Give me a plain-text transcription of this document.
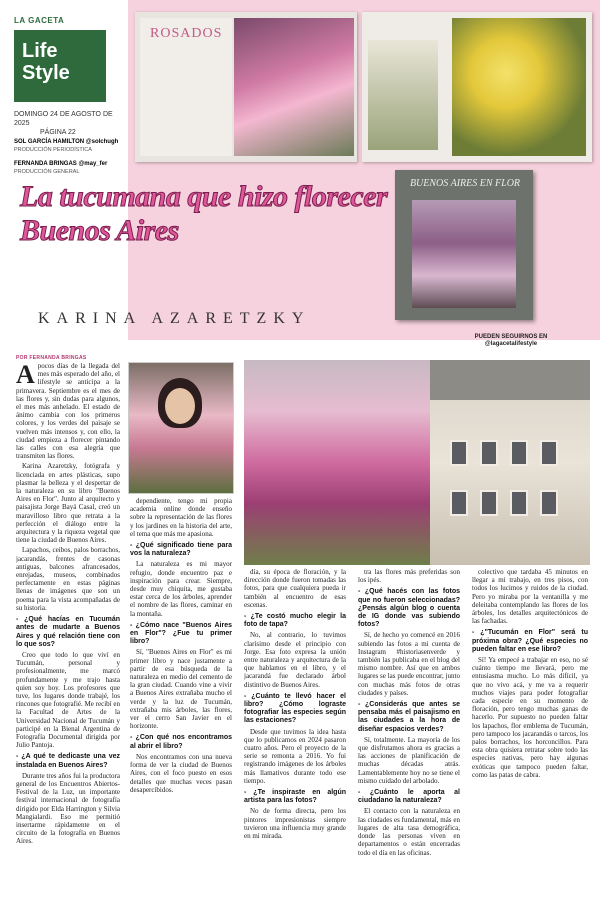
LA GACETA
Life
Style
DOMINGO 24 DE AGOSTO DE 2025
PÁGINA 22
SOL GARCÍA HAMILTON @solchugh
PRODUCCIÓN PERIODÍSTICA
FERNANDA BRINGAS @may_fer
PRODUCCIÓN GENERAL
ROSADOS
BUENOS AIRES EN FLOR
La tucumana que hizo florecer Buenos Aires
KARINA AZARETZKY
PUEDEN SEGUIRNOS EN @lagacetalifestyle
POR FERNANDA BRINGAS

Apocos días de la llegada del mes más esperado del año, el lifestyle se anticipa a la primavera. Septiembre es el mes de las flores y, sin dudas para algunos, el mes más anhelado. El estado de ánimo cambia con los primeros colores, y los verdes del paisaje se vuelven más intensos y, con ello, la ciudad empieza a florecer pintando las calles con esa alegría que transmiten las flores.

Karina Azaretzky, fotógrafa y licenciada en artes plásticas, supo plasmar la belleza y el despertar de la naturaleza en su libro "Buenos Aires en Flor". Junto al arquitecto y paisajista Jorge Bayá Casal, creó un maravilloso libro que retrata a la perfección el diálogo entre la arquitectura y la riqueza vegetal que tiene la ciudad de Buenos Aires.

Lapachos, ceibos, palos borrachos, jacarandás, frentes de casonas antiguas, balcones afrancesados, enrejadas, museos, combinados perfectamente en estas páginas llenas de imágenes que son un poema para la vista acompañadas de su historia.

- ¿Qué hacías en Tucumán antes de mudarte a Buenos Aires y qué relación tiene con lo que sos?

Creo que todo lo que viví en Tucumán, personal y profesionalmente, me marcó profundamente y me trajo hasta quien soy hoy. Los profesores que tuve, los lugares donde trabajé, los rincones que fotografié. Me recibí en la Facultad de Artes de la Universidad Nacional de Tucumán y participé en la Bienal Argentina de Fotografía Documental dirigida por Julio Pantoja.

- ¿A qué te dedicaste una vez instalada en Buenos Aires?

Durante tres años fui la productora general de los Encuentros Abiertos-Festival de la Luz, un importante festival internacional de fotografía dirigido por Elda Harrington y Silvia Mangialardi. Eso me permitió insertarme rápidamente en el circuito de la fotografía en Buenos Aires.

dependiente, tengo mi propia academia online donde enseño sobre la representación de las flores y los jardines en la historia del arte, el tema que más me apasiona.

- ¿Qué significado tiene para vos la naturaleza?

La naturaleza es mi mayor refugio, donde encuentro paz e inspiración para crear. Siempre, desde muy chiquita, me gustaba estar cerca de los árboles, aprender el nombre de las flores, caminar en la montaña.

- ¿Cómo nace "Buenos Aires en Flor"? ¿Fue tu primer libro?

Sí, "Buenos Aires en Flor" es mi primer libro y nace justamente a partir de esa búsqueda de la naturaleza en medio del cemento de la gran ciudad. Cuando vine a vivir a Buenos Aires extrañaba mucho el verde y la luz de Tucumán, extrañaba mis árboles, las flores, ver el cerro San Javier en el horizonte.

- ¿Con qué nos encontramos al abrir el libro?

Nos encontramos con una nueva forma de ver la ciudad de Buenos Aires, con el foco puesto en esos detalles que muchas veces pasan desapercibidos.

día, su época de floración, y la dirección donde fueron tomadas las fotos, para que cualquiera pueda ir también al encuentro de esas escenas.

- ¿Te costó mucho elegir la foto de tapa?

No, al contrario, lo tuvimos clarísimo desde el principio con Jorge. Esa foto expresa la unión entre naturaleza y arquitectura de la que hablamos en el libro, y el jacarandá fue declarado árbol distintivo de Buenos Aires.

- ¿Cuánto te llevó hacer el libro? ¿Cómo lograste fotografiar las especies según las estaciones?

Desde que tuvimos la idea hasta que lo publicamos en 2024 pasaron cuatro años. Pero el proyecto de la serie se remonta a 2016. Yo fui registrando imágenes de los árboles más llamativos durante todo ese tiempo.

- ¿Te inspiraste en algún artista para las fotos?

No de forma directa, pero los pintores impresionistas siempre tuvieron una influencia muy grande en mi mirada.

tra las flores más preferidas son los ipés.

- ¿Qué hacés con las fotos que no fueron seleccionadas? ¿Pensás algún blog o cuenta de IG donde vas subiendo fotos?

Sí, de hecho yo comencé en 2016 subiendo las fotos a mi cuenta de Instagram #historiasenverde y también las publicaba en el blog del mismo nombre. Así que en ambos lugares se las puede encontrar, junto con muchas más fotos de otras ciudades y países.

- ¿Considerás que antes se pensaba más el paisajismo en las ciudades a la hora de diseñar espacios verdes?

Sí, totalmente. La mayoría de los que disfrutamos ahora es gracias a las acciones de planificación de muchas décadas atrás. Lamentablemente hoy no se tiene el mismo cuidado del arbolado.

- ¿Cuánto le aporta al ciudadano la naturaleza?

El contacto con la naturaleza en las ciudades es fundamental, más en lugares de alta tasa demográfica, donde las personas viven en departamentos o están encerradas todo el día en las oficinas.

colectivo que tardaba 45 minutos en llegar a mi trabajo, en tres pisos, con todos los lucimos y ruidos de la ciudad. Pero yo miraba por la ventanilla y me deleitaba contemplando las flores de los árboles, los detalles arquitectónicos de las fachadas.

- ¿"Tucumán en Flor" será tu próxima obra? ¿Qué especies no pueden faltar en ese libro?

Sí! Ya empecé a trabajar en eso, no sé cuánto tiempo me llevará, pero me entusiasma mucho. Lo más difícil, ya que no vivo acá, y me va a requerir muchos viajes para poder fotografiar cada especie en su momento de floración, pero tengo muchas ganas de hacerlo. Por supuesto no pueden faltar los lapachos, flor emblema de Tucumán, pero tampoco los jacarandás o tarcos, los palos borrachos, los horconcillos. Para esta obra quisiera retratar sobre todo las especies nativas, pero hay algunas exóticas que tampoco pueden faltar, como las patas de cabra.
